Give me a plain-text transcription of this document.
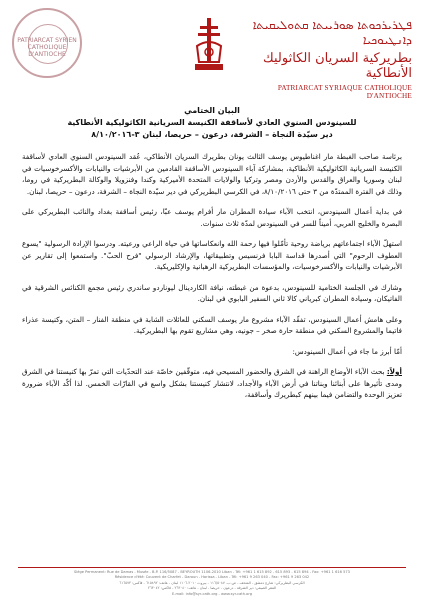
PATRIARCAT SYRIEN CATHOLIQUE D'ANTIOCHE
ܦܛܪܝܪܟܘܬܐ ܣܘܪܝܝܬܐ ܩܬܘܠܝܩܝܬܐ ܕܐܢܛܝܘܟܝܐ
بطريركية السريان الكاثوليك الأنطاكية
PATRIARCAT SYRIAQUE CATHOLIQUE D'ANTIOCHE
البيان الختامي
للسينودس السنوي العادي لأساقفة الكنيسة السريانية الكاثوليكية الأنطاكية
دير سيّدة النجاة – الشرفة، درعون – حريصا، لبنان ٣-٨/١٠/٢٠١٦

برئاسة صاحب الغبطة مار اغناطيوس يوسف الثالث يونان بطريرك السريان الأنطاكي، عُقد السينودس السنوي العادي لأساقفة الكنيسة السريانية الكاثوليكية الأنطاكية، بمشاركة آباء السينودس الأساقفة القادمين من الأبرشيات والنيابات والأكسرخوسيات في لبنان وسوريا والعراق والقدس والأردن ومصر وتركيا والولايات المتحدة الأميركية وكندا وفنزويلا والوكالة البطريركية في روما، وذلك في الفترة الممتدّة من ٣ حتى ٨/١٠/٢٠١٦، في الكرسي البطريركي في دير سيّدة النجاة – الشرفة، درعون – حريصا، لبنان.

في بداية أعمال السينودس، انتخب الآباء سيادة المطران مار أفرام يوسف عبّا، رئيس أساقفة بغداد والنائب البطريركي على البصرة والخليج العربي، أميناً للسر في السينودس لمدّة ثلاث سنوات.

استهلّ الآباء اجتماعاتهم برياضة روحية تأمّلوا فيها رحمة الله وانعكاساتها في حياة الراعي ورعيته. ودرسوا الإرادة الرسولية "يسوع العطوف الرحوم" التي أصدرها قداسة البابا فرنسيس وتطبيقاتها، والإرشاد الرسولي "فرح الحبّ". واستمعوا إلى تقارير عن الأبرشيات والنيابات والأكسرخوسيات، والمؤسسات البطريركية الرهبانية والإكليريكية.

وشارك في الجلسة الختامية للسينودس، بدعوة من غبطته، نيافة الكاردينال ليوناردو ساندري رئيس مجمع الكنائس الشرقية في الفاتيكان، وسيادة المطران كبرياني كالا ثاني السفير البابوي في لبنان.

وعلى هامش أعمال السينودس، تفقّد الآباء مشروع مار يوسف السكني للعائلات الشابة في منطقة الفنار – المتن، وكنيسة عذراء فاتيما والمشروع السكني في منطقة حارة صخر – جونيه، وهي مشاريع تقوم بها البطريركية.

أمّا أبرز ما جاء في أعمال السينودس:

أولاً: بحث الآباء الأوضاع الراهنة في الشرق والحضور المسيحي فيه، متوقّفين خاصّة عند التحدّيات التي تمرّ بها كنيستنا في الشرق ومدى تأثيرها على أبنائنا وبناتنا في أرض الآباء والأجداد، لانتشار كنيستنا بشكل واسع في القارّات الخمس. لذا أكّد الآباء ضرورة تعزيز الوحدة والتضامن فيما بينهم كبطريرك وأساقفة،

Siège Permanent: Rue de Damas - Musée - B.P. 116/5087 - BEYROUTH 1106-2010 Liban - Tél: +961 1 615 892 - 615 893 - 615 894 - Fax: +961 1 616 573
Résidence d'été: Couvent de Charfet - Daroun - Harissa - Liban - Tél: +961 9 263 040 - Fax: +961 9 263 042
الكرسي البطريركي: شارع دمشق - المتحف - ص.ب. ١١٦/٥٠٨٧ - بيروت ٢٠١٠-١١٠٦ لبنان - هاتف: ٦١٥٨٩٢ - فاكس: ٦١٦٥٧٣
المقر الصيفي: دير الشرفة - درعون - حريصا - لبنان - هاتف: ٢٦٣٠٤٠ - فاكس: ٢٦٣٠٤٢
E-mail: info@syr-cath.org - www.syr-cath.org
